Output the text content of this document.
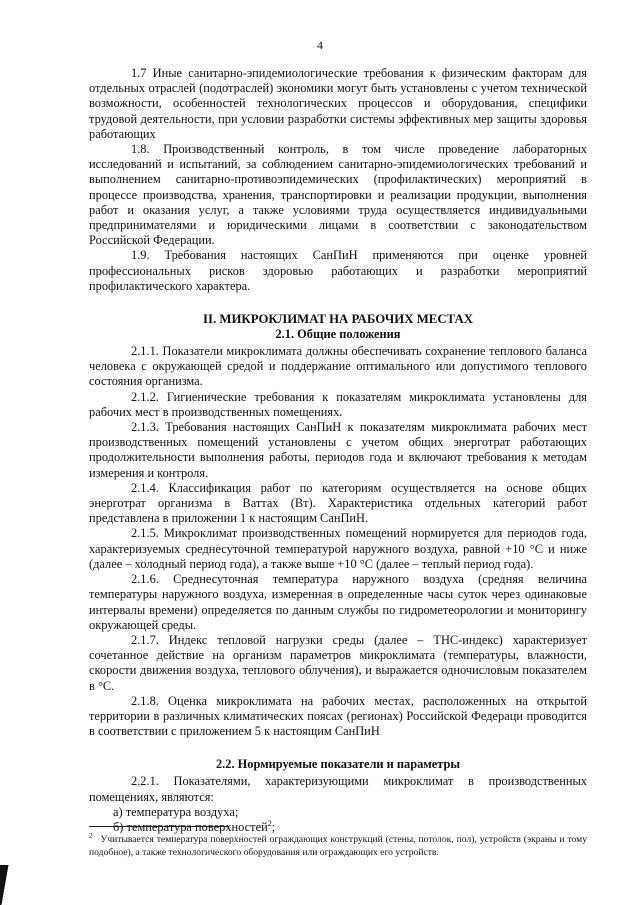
4

1.7 Иные санитарно-эпидемиологические требования к физическим факторам для отдельных отраслей (подотраслей) экономики могут быть установлены с учетом технической возможности, особенностей технологических процессов и оборудования, специфики трудовой деятельности, при условии разработки системы эффективных мер защиты здоровья работающих

1.8. Производственный контроль, в том числе проведение лабораторных исследований и испытаний, за соблюдением санитарно-эпидемиологических требований и выполнением санитарно-противоэпидемических (профилактических) мероприятий в процессе производства, хранения, транспортировки и реализации продукции, выполнения работ и оказания услуг, а также условиями труда осуществляется индивидуальными предпринимателями и юридическими лицами в соответствии с законодательством Российской Федерации.

1.9. Требования настоящих СанПиН применяются при оценке уровней профессиональных рисков здоровью работающих и разработки мероприятий профилактического характера.

II. МИКРОКЛИМАТ НА РАБОЧИХ МЕСТАХ
2.1. Общие положения

2.1.1. Показатели микроклимата должны обеспечивать сохранение теплового баланса человека с окружающей средой и поддержание оптимального или допустимого теплового состояния организма.

2.1.2. Гигиенические требования к показателям микроклимата установлены для рабочих мест в производственных помещениях.

2.1.3. Требования настоящих СанПиН к показателям микроклимата рабочих мест производственных помещений установлены с учетом общих энерготрат работающих продолжительности выполнения работы, периодов года и включают требования к методам измерения и контроля.

2.1.4. Классификация работ по категориям осуществляется на основе общих энерготрат организма в Ваттах (Вт). Характеристика отдельных категорий работ представлена в приложении 1 к настоящим СанПиН.

2.1.5. Микроклимат производственных помещений нормируется для периодов года, характеризуемых среднесуточной температурой наружного воздуха, равной +10 °С и ниже (далее – холодный период года), а также выше +10 °С (далее – теплый период года).

2.1.6. Среднесуточная температура наружного воздуха (средняя величина температуры наружного воздуха, измеренная в определенные часы суток через одинаковые интервалы времени) определяется по данным службы по гидрометеорологии и мониторингу окружающей среды.

2.1.7. Индекс тепловой нагрузки среды (далее – ТНС-индекс) характеризует сочетанное действие на организм параметров микроклимата (температуры, влажности, скорости движения воздуха, теплового облучения), и выражается одночисловым показателем в °С.

2.1.8. Оценка микроклимата на рабочих местах, расположенных на открытой территории в различных климатических поясах (регионах) Российской Федераци проводится в соответствии с приложением 5 к настоящим СанПиН

2.2. Нормируемые показатели и параметры

2.2.1. Показателями, характеризующими микроклимат в производственных помещениях, являются:

а) температура воздуха;

б) температура поверхностей$^2$;

$^2$ Учитывается температура поверхностей ограждающих конструкций (стены, потолок, пол), устройств (экраны и тому подобное), а также технологического оборудования или ограждающих его устройств.
